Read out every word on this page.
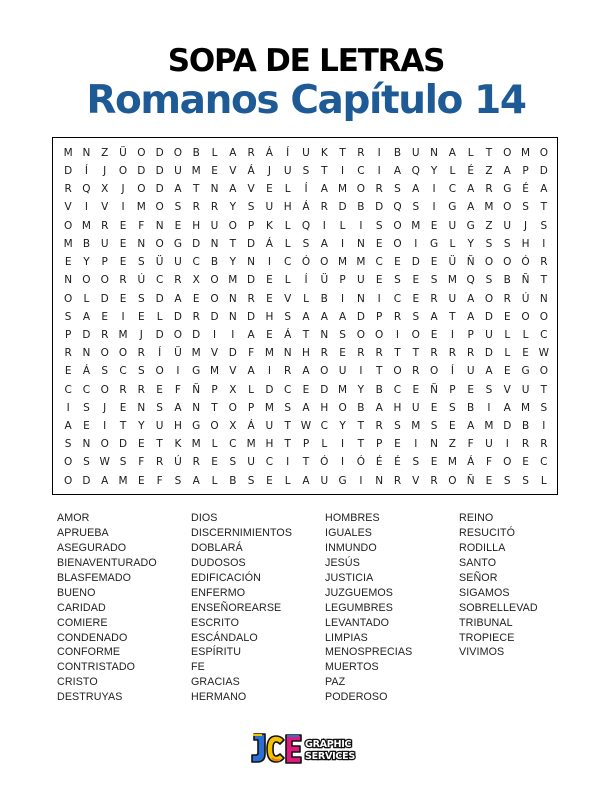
SOPA DE LETRAS
Romanos Capítulo 14
M N	Z	Ü O D O	B	L	A	R	Á	Í	U	K	T	R	I	B	U	N	A	L	T	O M O
D	Í	J	O D D U M E	V	Á	J	U	S	T	I	C	I	A	Q	Y	L	É	Z	A	P	D
R	Q	X	J	O D	A	T	N	A	V	E	L	Í	A M O	R	S	A	I	C	A	R	G	É	A
V	I	V	I	M O	S	R	R	Y	S	U	H	Á	R	D	B	D Q	S	I	G	A M O	S	T
O M R	E	F	N	E	H	U O	P	K	L	Q	I	L	I	S	O M E	U G	Z	U	J	S
M B	U	E	N O G D N	T	D	Á	L	S	A	I	N	E	O	I	G	L	Y	S	S	H	I
E	Y	P	E	S	Ü	U	C	B	Y	N	I	C	Ó O M M C	E	D	E	Ü	Ñ O O Ó	R
N O O	R	Ú	C	R	X	O M D	E	L	Í	Ü	P	U	E	S	E	S M Q	S	B	Ñ	T
O	L	D	E	S	D	A	E	O N	R	E	V	L	B	I	N	I	C	E	R	U	A	O	R	Ú	N
S	A	E	I	E	L	D	R	D N D H	S	A	A	A	D	P	R	S	A	T	A	D	E	O O
P	D	R M	J	D O D	I	I	A	E	Á	T	N	S	O O	I	O	E	I	P	U	L	L	C
R	N O O	R	Í	Ü M V	D	F	M N H	R	E	R	R	T	T	R	R	R	D	L	E W
E	Á	S	C	S	O	I	G M V	A	I	R	A	O U	I	T	O	R	O	Í	U	A	E	G O
C	C	O	R	R	E	F	Ñ	P	X	L	D	C	E	D M	Y	B	C	E	Ñ	P	E	S	V	U	T
I	S	J	E	N	S	A	N	T	O	P	M S	A	H O	B	A	H	U	E	S	B	I	A M S
A	E	I	T	Y	U	H G O	X	Á	U	T W C	Y	T	R	S M S	E	A M D	B	I
S	N O D	E	T	K M	L	C M H	T	P	L	I	T	P	E	I	N	Z	F	U	I	R	R
O	S W S	F	R	Ú	R	E	S	U	C	I	T	Ó	I	Ó	É	É	S	E M Á	F	O	E	C
O D	A M E	F	S	A	L	B	S	E	L	A	U G	I	N	R	V	R	O Ñ	E	S	S	L
AMOR
APRUEBA
ASEGURADO
BIENAVENTURADO
BLASFEMADO
BUENO
CARIDAD
COMIERE
CONDENADO
CONFORME
CONTRISTADO
CRISTO
DESTRUYAS
DIOS
DISCERNIMIENTOS
DOBLARÁ
DUDOSOS
EDIFICACIÓN
ENFERMO
ENSEÑOREARSE
ESCRITO
ESCÁNDALO
ESPÍRITU
FE
GRACIAS
HERMANO
HOMBRES
IGUALES
INMUNDO
JESÚS
JUSTICIA
JUZGUEMOS
LEGUMBRES
LEVANTADO
LIMPIAS
MENOSPRECIAS
MUERTOS
PAZ
PODEROSO
REINO
RESUCITÓ
RODILLA
SANTO
SEÑOR
SIGAMOS
SOBRELLEVAD
TRIBUNAL
TROPIECE
VIVIMOS
GRAPHIC
SERVICES
